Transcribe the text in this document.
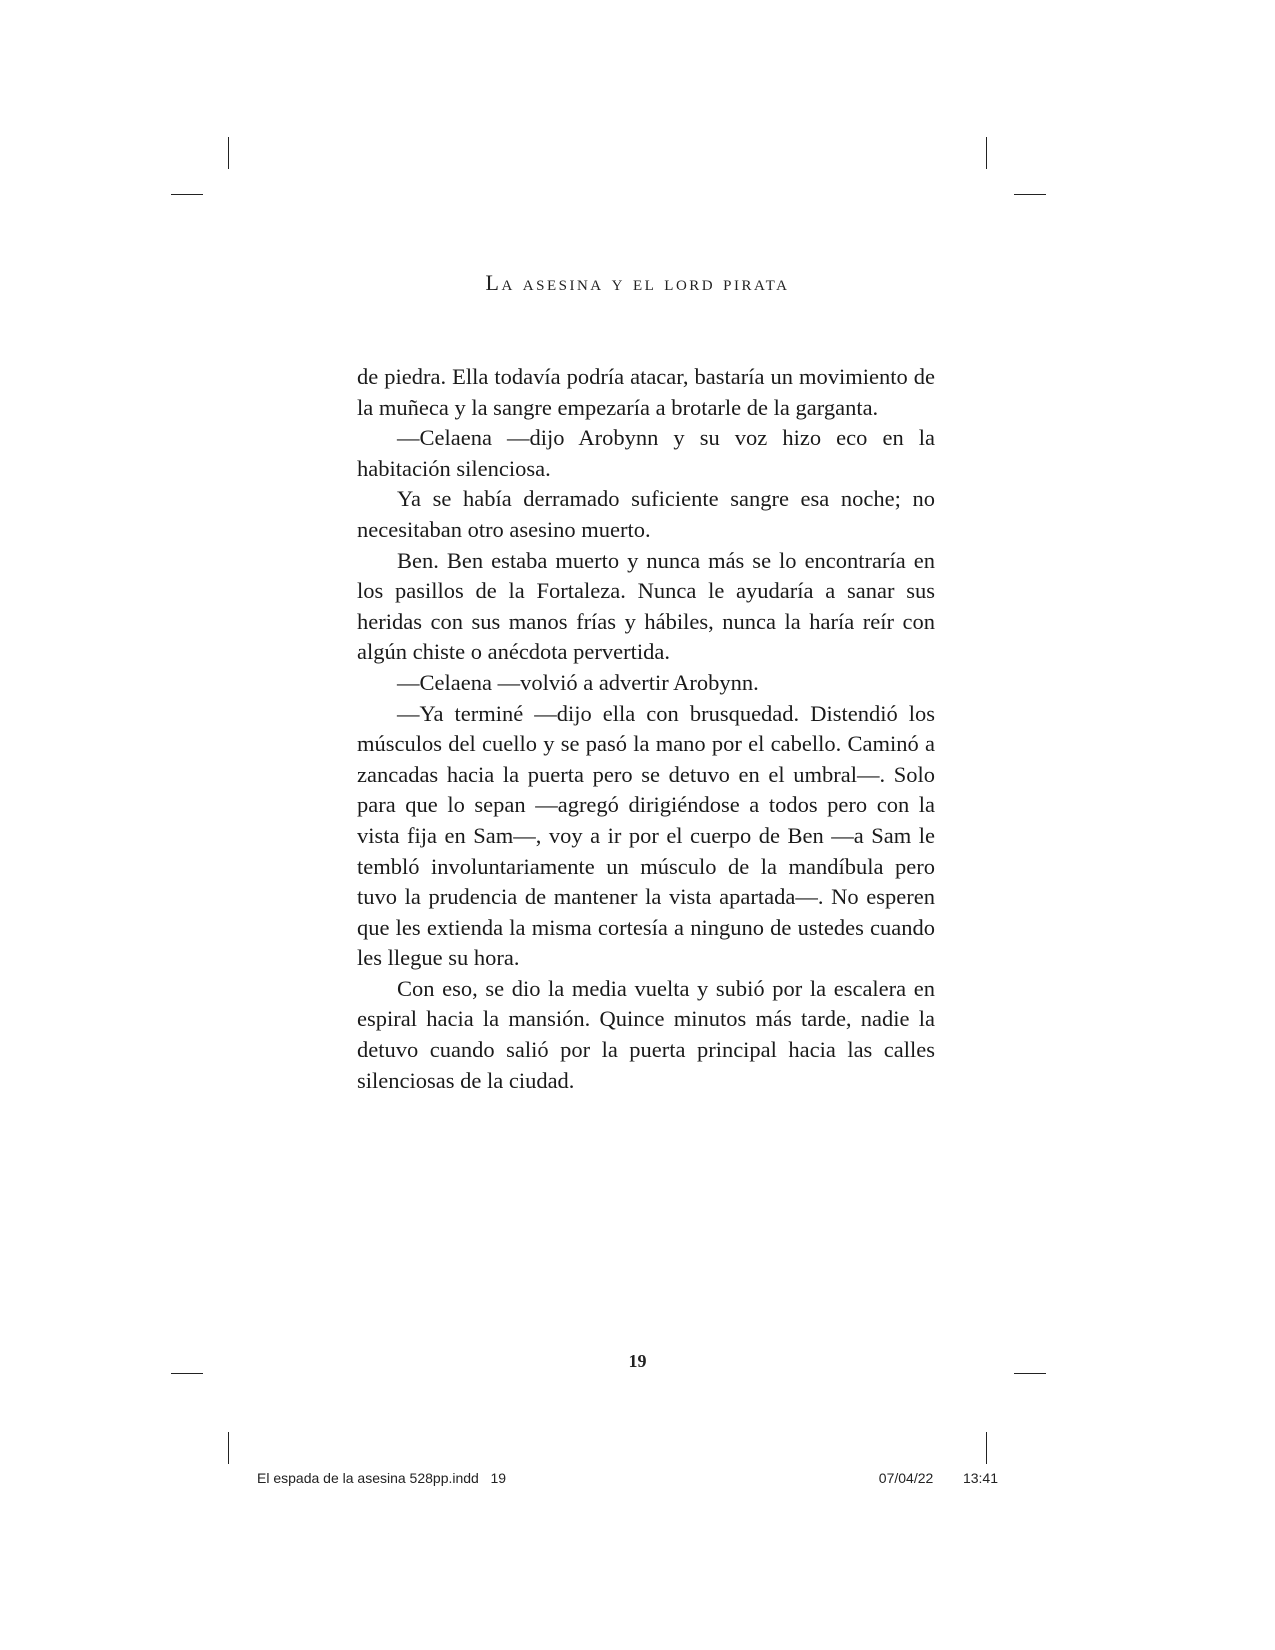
La asesina y el lord pirata

de piedra. Ella todavía podría atacar, bastaría un movimiento de la muñeca y la sangre empezaría a brotarle de la garganta.

—Celaena —dijo Arobynn y su voz hizo eco en la habitación silenciosa.

Ya se había derramado suficiente sangre esa noche; no necesitaban otro asesino muerto.

Ben. Ben estaba muerto y nunca más se lo encontraría en los pasillos de la Fortaleza. Nunca le ayudaría a sanar sus heridas con sus manos frías y hábiles, nunca la haría reír con algún chiste o anécdota pervertida.

—Celaena —volvió a advertir Arobynn.

—Ya terminé —dijo ella con brusquedad. Distendió los músculos del cuello y se pasó la mano por el cabello. Caminó a zancadas hacia la puerta pero se detuvo en el umbral—. Solo para que lo sepan —agregó dirigiéndose a todos pero con la vista fija en Sam—, voy a ir por el cuerpo de Ben —a Sam le tembló involuntariamente un músculo de la mandíbula pero tuvo la prudencia de mantener la vista apartada—. No esperen que les extienda la misma cortesía a ninguno de ustedes cuando les llegue su hora.

Con eso, se dio la media vuelta y subió por la escalera en espiral hacia la mansión. Quince minutos más tarde, nadie la detuvo cuando salió por la puerta principal hacia las calles silenciosas de la ciudad.

19
El espada de la asesina 528pp.indd   19	07/04/22   13:41
